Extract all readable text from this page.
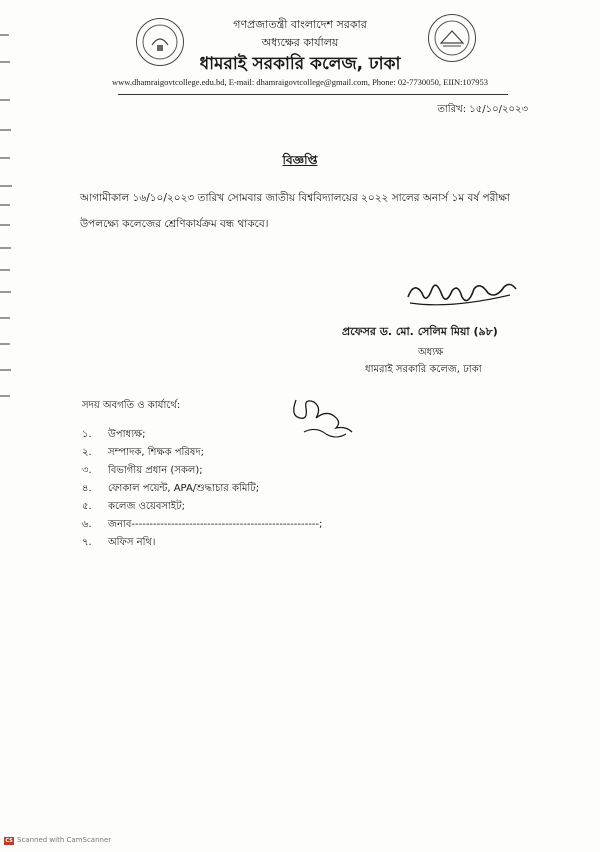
গণপ্রজাতন্ত্রী বাংলাদেশ সরকার
অধ্যক্ষের কার্যালয়
ধামরাই সরকারি কলেজ, ঢাকা
www.dhamraigovtcollege.edu.bd, E-mail: dhamraigovtcollege@gmail.com, Phone: 02-7730050, EIIN:107953
তারিখ: ১৫/১০/২০২৩
বিজ্ঞপ্তি
আগামীকাল ১৬/১০/২০২৩ তারিখ সোমবার জাতীয় বিশ্ববিদ্যালয়ের ২০২২ সালের অনার্স ১ম বর্ষ পরীক্ষা উপলক্ষ্যে কলেজের শ্রেণিকার্যক্রম বন্ধ থাকবে।
প্রফেসর ড. মো. সেলিম মিয়া (৯৮)
অধ্যক্ষ
ধামরাই সরকারি কলেজ, ঢাকা
সদয় অবগতি ও কার্যার্থে:
১. উপাধ্যক্ষ;
২. সম্পাদক, শিক্ষক পরিষদ;
৩. বিভাগীয় প্রধান (সকল);
৪. ফোকাল পয়েন্ট, APA/শুদ্ধাচার কমিটি;
৫. কলেজ ওয়েবসাইট;
৬. জনাব----------------------------------------------------;
৭. অফিস নথি।
CS Scanned with CamScanner
